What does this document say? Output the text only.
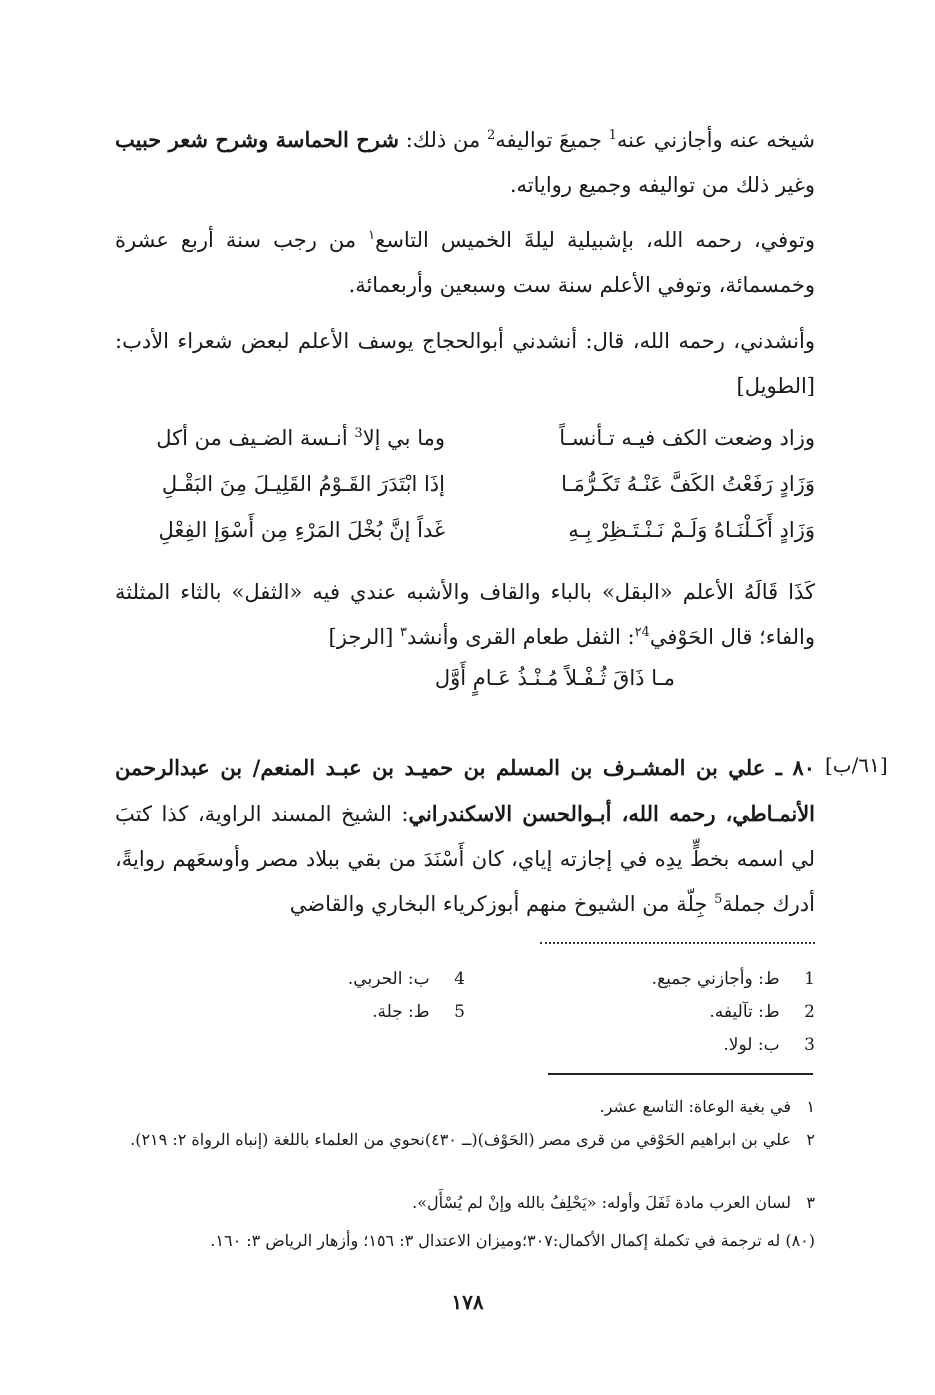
شيخه عنه وأجازني عنه$^1$ جميعَ تواليفه$^2$ من ذلك: شرح الحماسة وشرح شعر حبيب وغير ذلك من تواليفه وجميع رواياته.
وتوفي، رحمه الله، بإشبيلية ليلةَ الخميس التاسع$^١$ من رجب سنة أربع عشرة وخمسمائة، وتوفي الأعلم سنة ست وسبعين وأربعمائة.
وأنشدني، رحمه الله، قال: أنشدني أبوالحجاج يوسف الأعلم لبعض شعراء الأدب:[الطويل]
وزاد وضعت الكف فيـه تـأنسـاً
وما بي إلا$^3$ أنـسة الضـيف من أكل
وَزَادٍ رَفَعْتُ الكَفَّ عَنْـهُ تَكَـرُّمَـا
إذَا ابْتَدَرَ القَـوْمُ القَلِيـلَ مِنَ البَقْـلِ
وَزَادٍ أَكَـلْنَـاهُ وَلَـمْ نَـنْـتَـظِرْ بِـهِ
غَداً إنَّ بُخْلَ المَرْءِ مِن أَسْوَإ الفِعْلِ
كَذَا قَالَهُ الأعلم «البقل» بالباء والقاف والأشبه عندي فيه «الثفل» بالثاء المثلثة والفاء؛ قال الحَوْفي$^{٢4}$: الثفل طعام القرى وأنشد$^٣$ [الرجز]
مـا ذَاقَ ثُـفْـلاً مُـنْـذُ عَـامٍ أَوَّل
[٦١/ب]
٨٠ ـ علي بن المشـرف بن المسلم بن حميـد بن عبـد المنعم/ بن عبدالرحمن الأنمـاطي، رحمه الله، أبـوالحسن الاسكندراني: الشيخ المسند الراوية، كذا كتبَ لي اسمه بخطٍّ يدِه في إجازته إياي، كان أَسْنَدَ من بقي ببلاد مصر وأوسعَهم روايةً، أدرك جملة$^5$ جِلّة من الشيوخ منهم أبوزكرياء البخاري والقاضي
1 ط: وأجازني جميع.
2 ط: تآليفه.
3 ب: لولا.
4 ب: الحربي.
5 ط: جلة.
١في بغية الوعاة: التاسع عشر.
٢علي بن ابراهيم الحَوْفي من قرى مصر (الحَوْف)(ــ ٤٣٠)نحوي من العلماء باللغة (إنباه الرواة ٢: ٢١٩).
٣لسان العرب مادة ثَفَلَ وأوله: «يَحْلِفُ بالله وإنْ لم يُسْأَل».
(٨٠) له ترجمة في تكملة إكمال الأكمال:٣٠٧؛وميزان الاعتدال ٣: ١٥٦؛ وأزهار الرياض ٣: ١٦٠.
١٧٨
